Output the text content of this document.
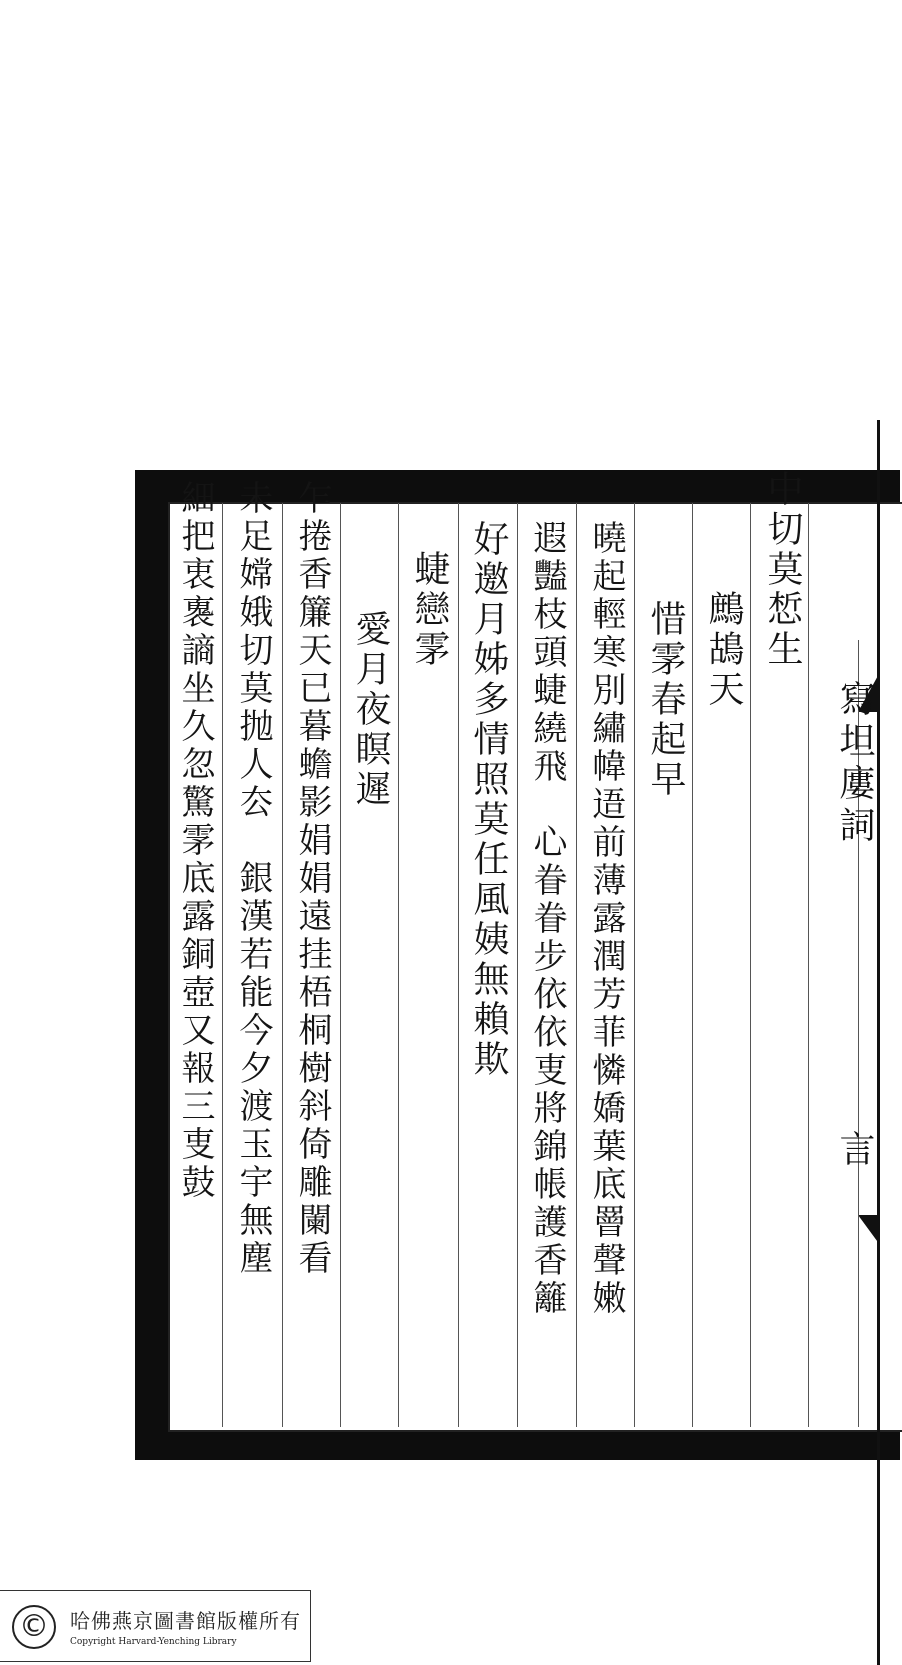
中切莫惁生
鷓鴣天
惜雺春起早
曉起輕寒別繡幃逜前薄露潤芳菲憐嬌葉底罾聲嫩
遐豔枝頭蜨繞飛　心眷眷步依依叓將錦帳護香籬
好邀月姊多情照莫任風姨無賴欺
蜨戀雺
愛月夜瞑遲
乍捲香簾天已暮蟾影娟娟遠挂梧桐樹斜倚雕闌看
未足嫦娥切莫抛人厺　銀漢若能今夕渡玉宇無塵
細把衷褢謪坐久忽驚雺底露銅壺又報三叓鼓
©	哈佛燕京圖書館版權所有
Copyright Harvard-Yenching Library
